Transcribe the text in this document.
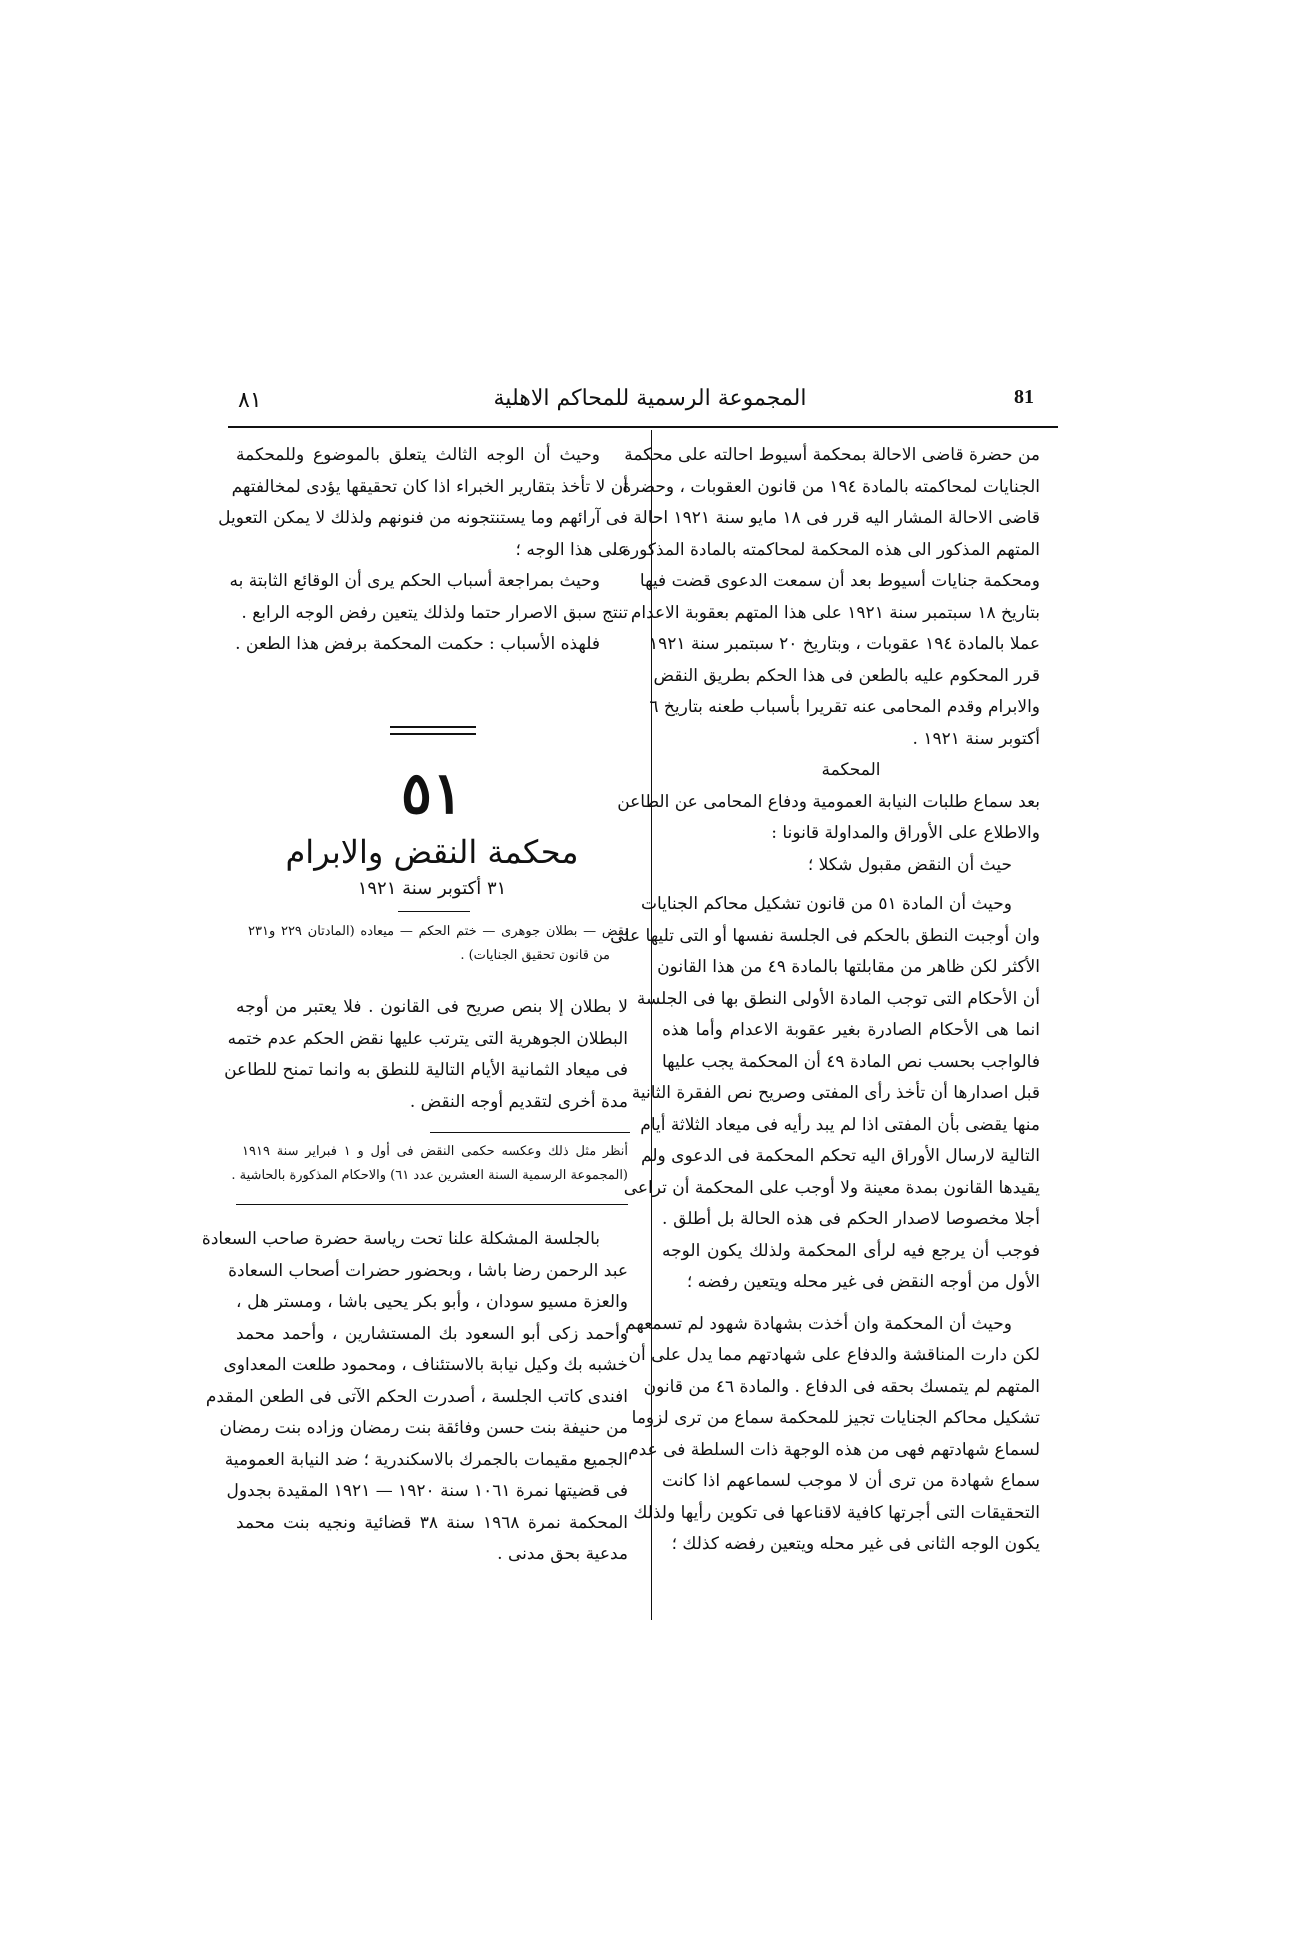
٨١	المجموعة الرسمية للمحاكم الاهلية	81

من حضرة قاضى الاحالة بمحكمة أسيوط احالته على محكمة
الجنايات لمحاكمته بالمادة ١٩٤ من قانون العقوبات ، وحضرة
قاضى الاحالة المشار اليه قرر فى ١٨ مايو سنة ١٩٢١ احالة
المتهم المذكور الى هذه المحكمة لمحاكمته بالمادة المذكورة ،
ومحكمة جنايات أسيوط بعد أن سمعت الدعوى قضت فيها
بتاريخ ١٨ سبتمبر سنة ١٩٢١ على هذا المتهم بعقوبة الاعدام
عملا بالمادة ١٩٤ عقوبات ، وبتاريخ ٢٠ سبتمبر سنة ١٩٢١
قرر المحكوم عليه بالطعن فى هذا الحكم بطريق النقض
والابرام وقدم المحامى عنه تقريرا بأسباب طعنه بتاريخ ٦
أكتوبر سنة ١٩٢١ .

المحكمة

بعد سماع طلبات النيابة العمومية ودفاع المحامى عن الطاعن
والاطلاع على الأوراق والمداولة قانونا :
حيث أن النقض مقبول شكلا ؛

وحيث أن المادة ٥١ من قانون تشكيل محاكم الجنايات
وان أوجبت النطق بالحكم فى الجلسة نفسها أو التى تليها على
الأكثر لكن ظاهر من مقابلتها بالمادة ٤٩ من هذا القانون
أن الأحكام التى توجب المادة الأولى النطق بها فى الجلسة
انما هى الأحكام الصادرة بغير عقوبة الاعدام وأما هذه
فالواجب بحسب نص المادة ٤٩ أن المحكمة يجب عليها
قبل اصدارها أن تأخذ رأى المفتى وصريح نص الفقرة الثانية
منها يقضى بأن المفتى اذا لم يبد رأيه فى ميعاد الثلاثة أيام
التالية لارسال الأوراق اليه تحكم المحكمة فى الدعوى ولم
يقيدها القانون بمدة معينة ولا أوجب على المحكمة أن تراعى
أجلا مخصوصا لاصدار الحكم فى هذه الحالة بل أطلق .
فوجب أن يرجع فيه لرأى المحكمة ولذلك يكون الوجه
الأول من أوجه النقض فى غير محله ويتعين رفضه ؛

وحيث أن المحكمة وان أخذت بشهادة شهود لم تسمعهم
لكن دارت المناقشة والدفاع على شهادتهم مما يدل على أن
المتهم لم يتمسك بحقه فى الدفاع . والمادة ٤٦ من قانون
تشكيل محاكم الجنايات تجيز للمحكمة سماع من ترى لزوما
لسماع شهادتهم فهى من هذه الوجهة ذات السلطة فى عدم
سماع شهادة من ترى أن لا موجب لسماعهم اذا كانت
التحقيقات التى أجرتها كافية لاقناعها فى تكوين رأيها ولذلك
يكون الوجه الثانى فى غير محله ويتعين رفضه كذلك ؛

وحيث أن الوجه الثالث يتعلق بالموضوع وللمحكمة
أن لا تأخذ بتقارير الخبراء اذا كان تحقيقها يؤدى لمخالفتهم
فى آرائهم وما يستنتجونه من فنونهم ولذلك لا يمكن التعويل
على هذا الوجه ؛

وحيث بمراجعة أسباب الحكم يرى أن الوقائع الثابتة به
تنتج سبق الاصرار حتما ولذلك يتعين رفض الوجه الرابع .

فلهذه الأسباب : حكمت المحكمة برفض هذا الطعن .

٥١
محكمة النقض والابرام
٣١ أكتوبر سنة ١٩٢١
نقض — بطلان جوهرى — ختم الحكم — ميعاده (المادتان ٢٢٩ و٢٣١
من قانون تحقيق الجنايات) .
لا بطلان إلا بنص صريح فى القانون . فلا يعتبر من أوجه
البطلان الجوهرية التى يترتب عليها نقض الحكم عدم ختمه
فى ميعاد الثمانية الأيام التالية للنطق به وانما تمنح للطاعن
مدة أخرى لتقديم أوجه النقض .
أنظر مثل ذلك وعكسه حكمى النقض فى أول و ١ فبراير سنة ١٩١٩
(المجموعة الرسمية السنة العشرين عدد ٦١) والاحكام المذكورة بالحاشية .
بالجلسة المشكلة علنا تحت رياسة حضرة صاحب السعادة
عبد الرحمن رضا باشا ، وبحضور حضرات أصحاب السعادة
والعزة مسيو سودان ، وأبو بكر يحيى باشا ، ومستر هل ،
وأحمد زكى أبو السعود بك المستشارين ، وأحمد محمد
خشبه بك وكيل نيابة بالاستئناف ، ومحمود طلعت المعداوى
افندى كاتب الجلسة ، أصدرت الحكم الآتى فى الطعن المقدم
من حنيفة بنت حسن وفائقة بنت رمضان وزاده بنت رمضان
الجميع مقيمات بالجمرك بالاسكندرية ؛ ضد النيابة العمومية
فى قضيتها نمرة ١٠٦١ سنة ١٩٢٠ — ١٩٢١ المقيدة بجدول
المحكمة نمرة ١٩٦٨ سنة ٣٨ قضائية ونجيه بنت محمد
مدعية بحق مدنى .
